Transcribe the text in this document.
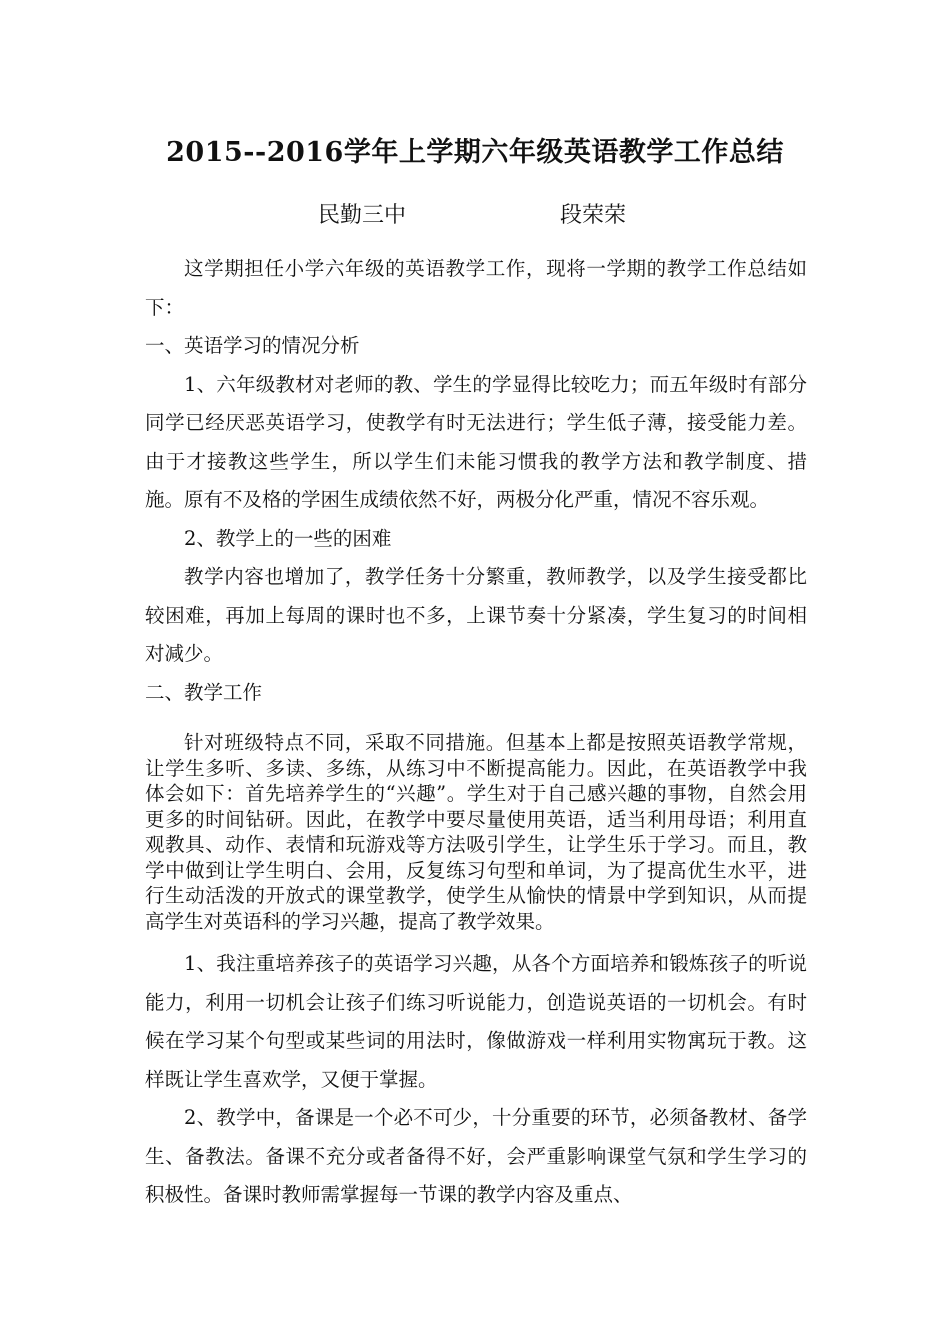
2015--2016学年上学期六年级英语教学工作总结
民勤三中	段荣荣

这学期担任小学六年级的英语教学工作，现将一学期的教学工作总结如下：

一、英语学习的情况分析

1、六年级教材对老师的教、学生的学显得比较吃力；而五年级时有部分同学已经厌恶英语学习，使教学有时无法进行；学生低子薄，接受能力差。由于才接教这些学生，所以学生们未能习惯我的教学方法和教学制度、措施。原有不及格的学困生成绩依然不好，两极分化严重，情况不容乐观。

2、教学上的一些的困难

教学内容也增加了，教学任务十分繁重，教师教学，以及学生接受都比较困难，再加上每周的课时也不多，上课节奏十分紧凑，学生复习的时间相对减少。

二、教学工作

针对班级特点不同，采取不同措施。但基本上都是按照英语教学常规，让学生多听、多读、多练，从练习中不断提高能力。因此，在英语教学中我体会如下：首先培养学生的“兴趣”。学生对于自己感兴趣的事物，自然会用更多的时间钻研。因此，在教学中要尽量使用英语，适当利用母语；利用直观教具、动作、表情和玩游戏等方法吸引学生，让学生乐于学习。而且，教学中做到让学生明白、会用，反复练习句型和单词，为了提高优生水平，进行生动活泼的开放式的课堂教学，使学生从愉快的情景中学到知识，从而提高学生对英语科的学习兴趣，提高了教学效果。

1、我注重培养孩子的英语学习兴趣，从各个方面培养和锻炼孩子的听说能力，利用一切机会让孩子们练习听说能力，创造说英语的一切机会。有时候在学习某个句型或某些词的用法时，像做游戏一样利用实物寓玩于教。这样既让学生喜欢学，又便于掌握。

2、教学中，备课是一个必不可少，十分重要的环节，必须备教材、备学生、备教法。备课不充分或者备得不好，会严重影响课堂气氛和学生学习的积极性。备课时教师需掌握每一节课的教学内容及重点、
